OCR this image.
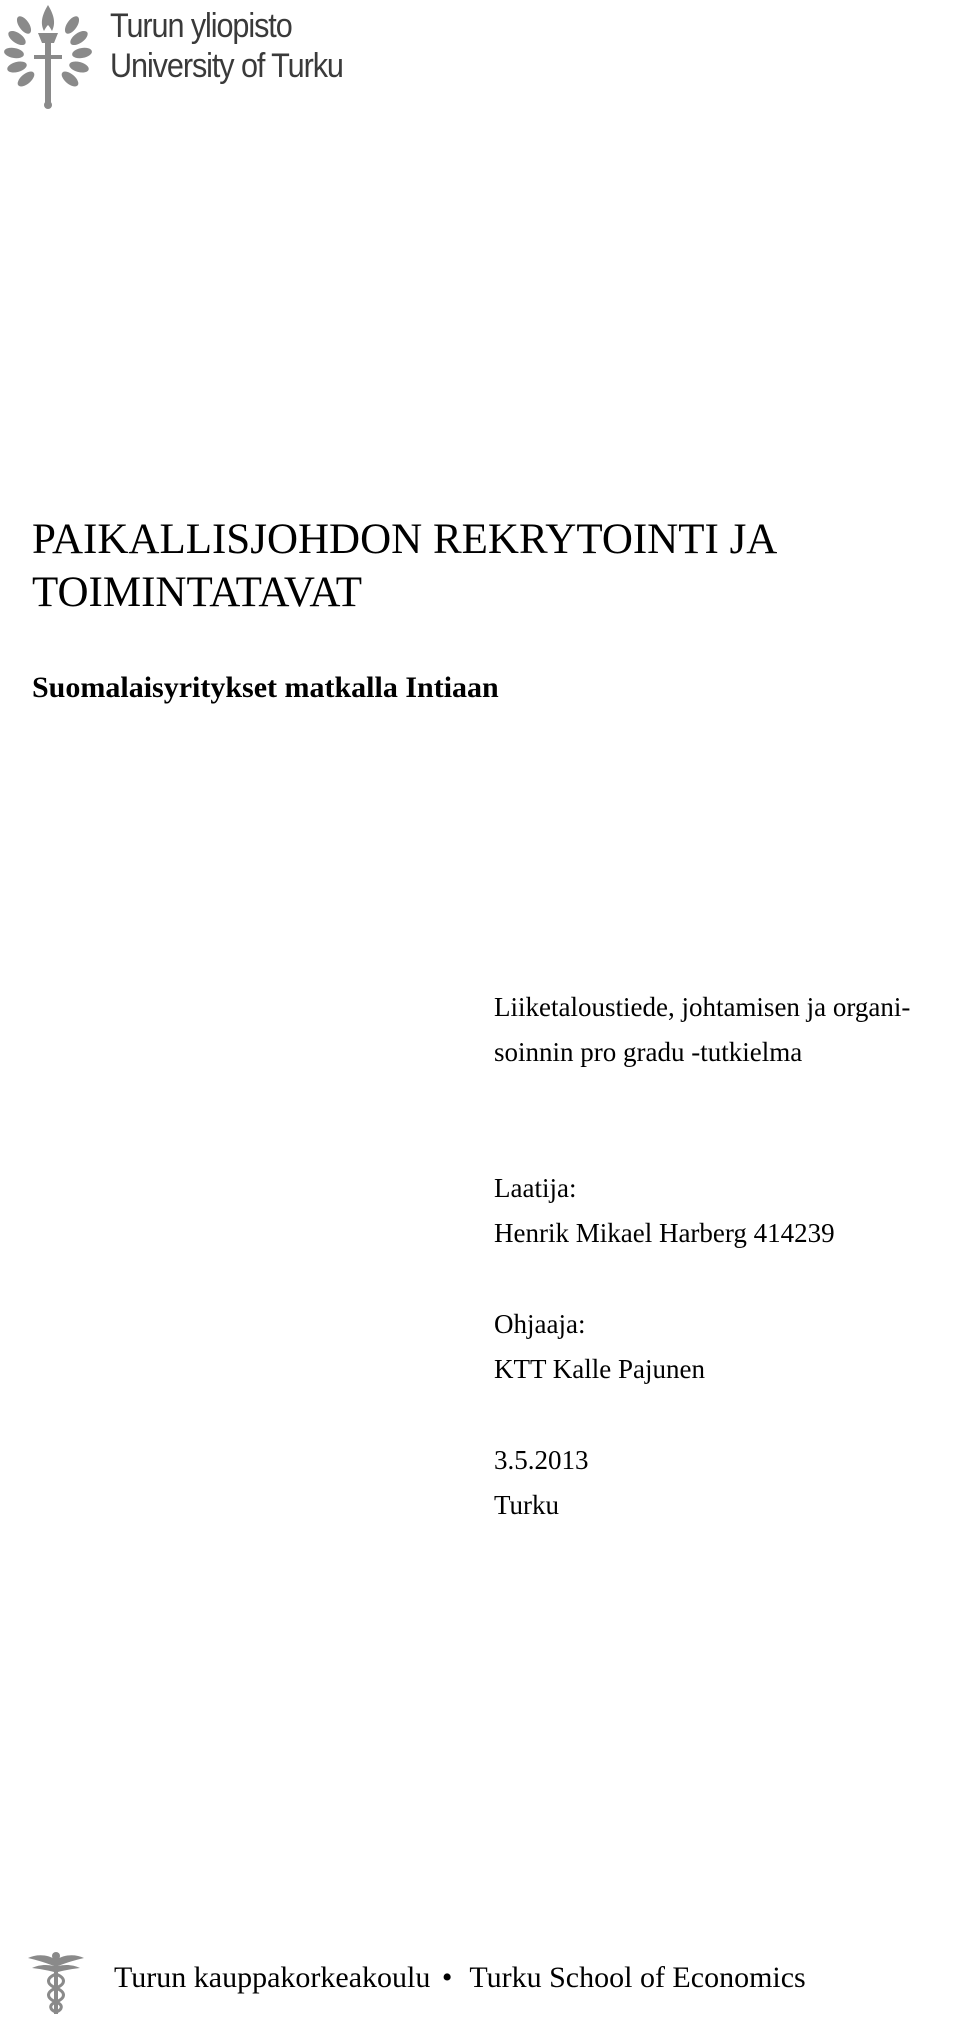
Turun yliopisto
University of Turku
PAIKALLISJOHDON REKRYTOINTI JA
TOIMINTATAVAT
Suomalaisyritykset matkalla Intiaan
Liiketaloustiede, johtamisen ja organi-
soinnin pro gradu -tutkielma
Laatija:
Henrik Mikael Harberg 414239
Ohjaaja:
KTT Kalle Pajunen
3.5.2013
Turku
Turun kauppakorkeakoulu • Turku School of Economics
